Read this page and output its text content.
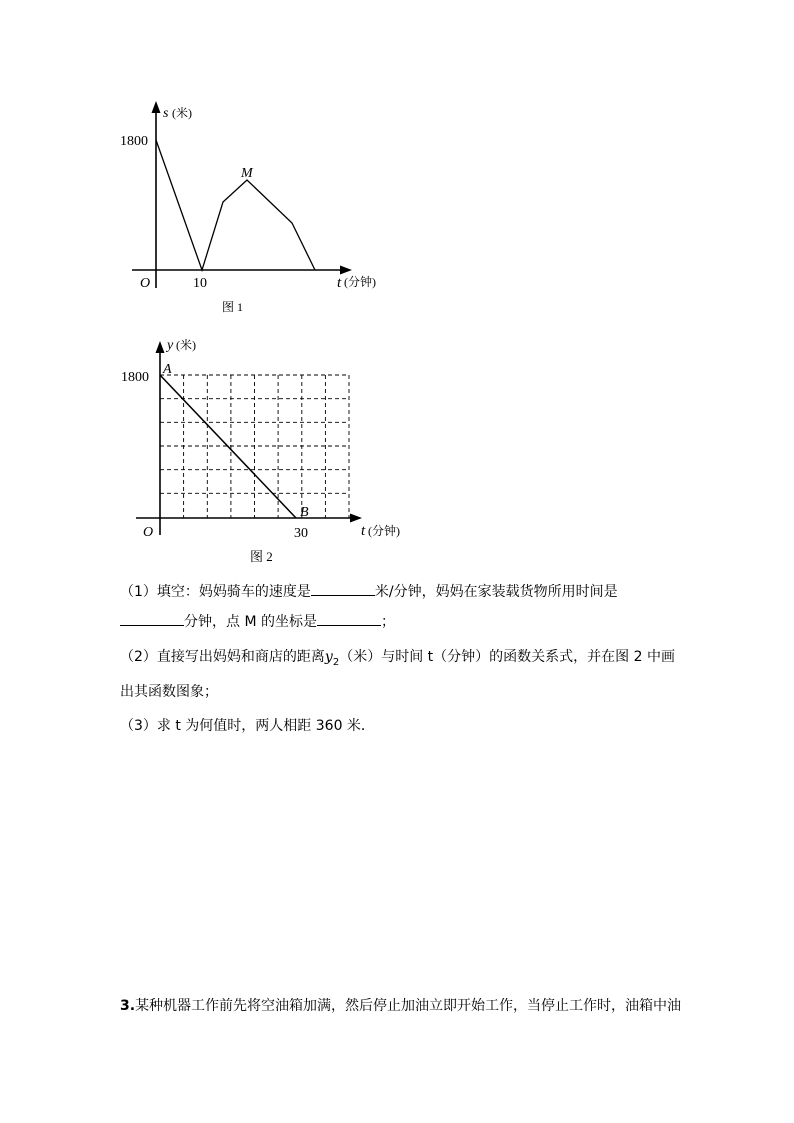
s (米)
1800
O	10
M
t (分钟)
图 1
y (米)
1800
A
O	30
B
t (分钟)
图 2
（1）填空：妈妈骑车的速度是	米/分钟，妈妈在家装载货物所用时间是
分钟，点 M 的坐标是	；
（2）直接写出妈妈和商店的距离$y_2$（米）与时间 t（分钟）的函数关系式，并在图 2 中画
出其函数图象；
（3）求 t 为何值时，两人相距 360 米．
3.某种机器工作前先将空油箱加满，然后停止加油立即开始工作，当停止工作时，油箱中油
